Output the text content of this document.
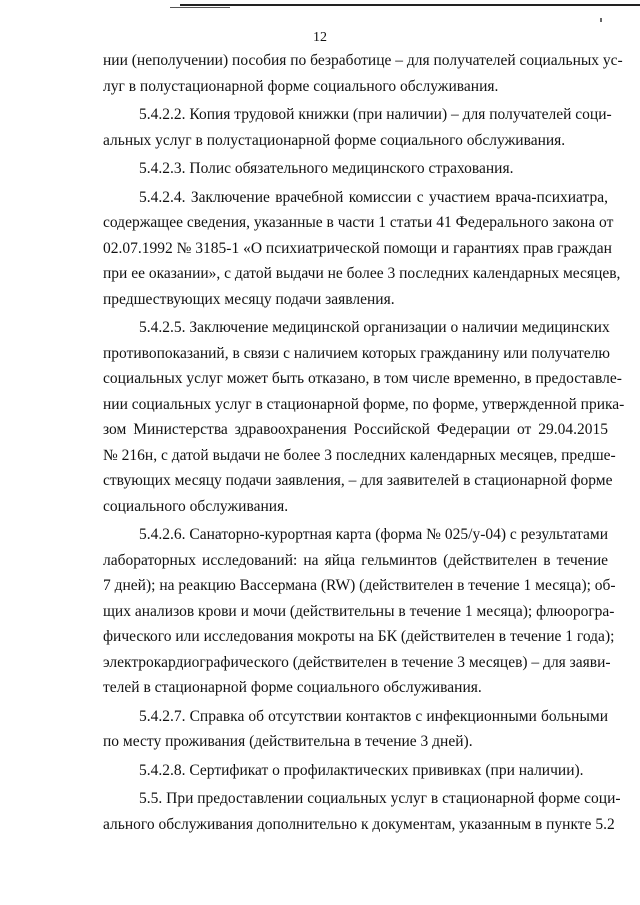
12

нии (неполучении) пособия по безработице – для получателей социальных ус-
луг в полустационарной форме социального обслуживания.

5.4.2.2. Копия трудовой книжки (при наличии) – для получателей соци-
альных услуг в полустационарной форме социального обслуживания.

5.4.2.3. Полис обязательного медицинского страхования.

5.4.2.4. Заключение врачебной комиссии с участием врача-психиатра,
содержащее сведения, указанные в части 1 статьи 41 Федерального закона от
02.07.1992 № 3185-1 «О психиатрической помощи и гарантиях прав граждан
при ее оказании», с датой выдачи не более 3 последних календарных месяцев,
предшествующих месяцу подачи заявления.

5.4.2.5. Заключение медицинской организации о наличии медицинских
противопоказаний, в связи с наличием которых гражданину или получателю
социальных услуг может быть отказано, в том числе временно, в предоставле-
нии социальных услуг в стационарной форме, по форме, утвержденной прика-
зом Министерства здравоохранения Российской Федерации от 29.04.2015
№ 216н, с датой выдачи не более 3 последних календарных месяцев, предше-
ствующих месяцу подачи заявления, – для заявителей в стационарной форме
социального обслуживания.

5.4.2.6. Санаторно-курортная карта (форма № 025/у-04) с результатами
лабораторных исследований: на яйца гельминтов (действителен в течение
7 дней); на реакцию Вассермана (RW) (действителен в течение 1 месяца); об-
щих анализов крови и мочи (действительны в течение 1 месяца); флюорогра-
фического или исследования мокроты на БК (действителен в течение 1 года);
электрокардиографического (действителен в течение 3 месяцев) – для заяви-
телей в стационарной форме социального обслуживания.

5.4.2.7. Справка об отсутствии контактов с инфекционными больными
по месту проживания (действительна в течение 3 дней).

5.4.2.8. Сертификат о профилактических прививках (при наличии).

5.5. При предоставлении социальных услуг в стационарной форме соци-
ального обслуживания дополнительно к документам, указанным в пункте 5.2
